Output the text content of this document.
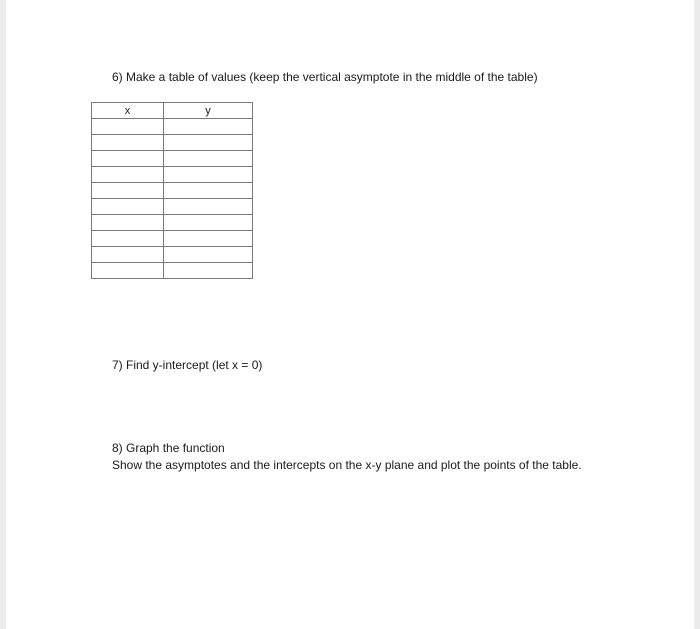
6) Make a table of values (keep the vertical asymptote in the middle of the table)
x	y

7) Find y-intercept (let x = 0)
8) Graph the function
Show the asymptotes and the intercepts on the x-y plane and plot the points of the table.
